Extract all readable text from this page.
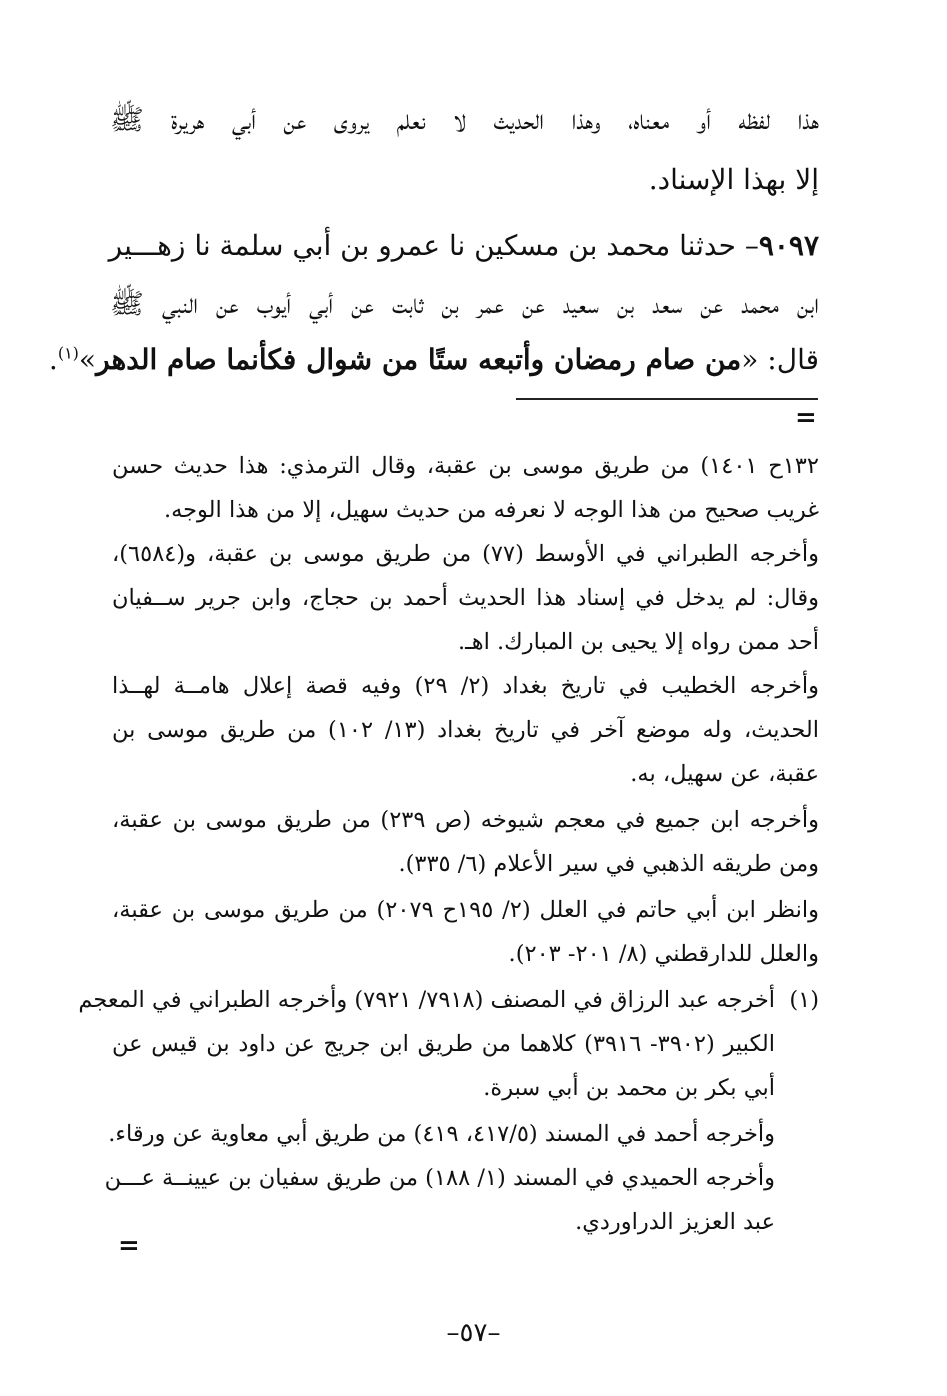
هذا لفظه أو معناه، وهذا الحديث لا نعلم يروى عن أبي هريرة ﷺ
إلا بهذا الإسناد.
٩٠٩٧– حدثنا محمد بن مسكين نا عمرو بن أبي سلمة نا زهـــير
ابن محمد عن سعد بن سعيد عن عمر بن ثابت عن أبي أيوب عن النبي ﷺ
قال: «من صام رمضان وأتبعه ستًا من شوال فكأنما صام الدهر»$^{(١)}$.
=
١٣٢ح ١٤٠١) من طريق موسى بن عقبة، وقال الترمذي: هذا حديث حسن
غريب صحيح من هذا الوجه لا نعرفه من حديث سهيل، إلا من هذا الوجه.
وأخرجه الطبراني في الأوسط (٧٧) من طريق موسى بن عقبة، و(٦٥٨٤)،
وقال: لم يدخل في إسناد هذا الحديث أحمد بن حجاج، وابن جرير ســفيان
أحد ممن رواه إلا يحيى بن المبارك. اهـ.
وأخرجه الخطيب في تاريخ بغداد (٢/ ٢٩) وفيه قصة إعلال هامــة لهــذا
الحديث، وله موضع آخر في تاريخ بغداد (١٣/ ١٠٢) من طريق موسى بن
عقبة، عن سهيل، به.
وأخرجه ابن جميع في معجم شيوخه (ص ٢٣٩) من طريق موسى بن عقبة،
ومن طريقه الذهبي في سير الأعلام (٦/ ٣٣٥).
وانظر ابن أبي حاتم في العلل (٢/ ١٩٥ح ٢٠٧٩) من طريق موسى بن عقبة،
والعلل للدارقطني (٨/ ٢٠١- ٢٠٣).
(١)
أخرجه عبد الرزاق في المصنف (٧٩١٨/ ٧٩٢١) وأخرجه الطبراني في المعجم
الكبير (٣٩٠٢- ٣٩١٦) كلاهما من طريق ابن جريج عن داود بن قيس عن
أبي بكر بن محمد بن أبي سبرة.
وأخرجه أحمد في المسند (٤١٧/٥، ٤١٩) من طريق أبي معاوية عن ورقاء.
وأخرجه الحميدي في المسند (١/ ١٨٨) من طريق سفيان بن عيينــة عـــن
عبد العزيز الدراوردي.
=
–٥٧–
